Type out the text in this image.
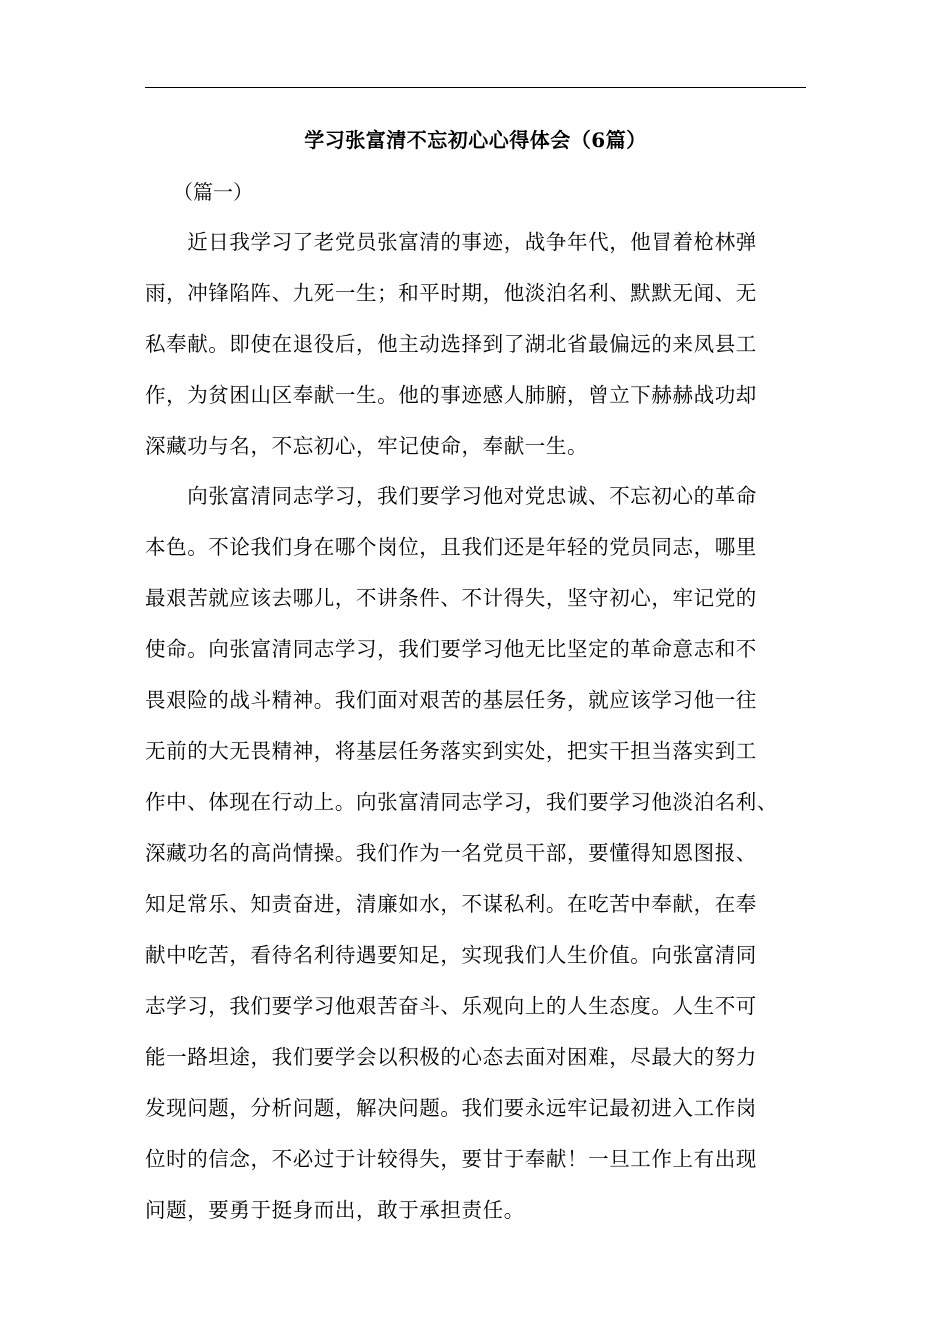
学习张富清不忘初心心得体会（6篇）
（篇一）
　　近日我学习了老党员张富清的事迹，战争年代，他冒着枪林弹
雨，冲锋陷阵、九死一生；和平时期，他淡泊名利、默默无闻、无
私奉献。即使在退役后，他主动选择到了湖北省最偏远的来凤县工
作，为贫困山区奉献一生。他的事迹感人肺腑，曾立下赫赫战功却
深藏功与名，不忘初心，牢记使命，奉献一生。
　　向张富清同志学习，我们要学习他对党忠诚、不忘初心的革命
本色。不论我们身在哪个岗位，且我们还是年轻的党员同志，哪里
最艰苦就应该去哪儿，不讲条件、不计得失，坚守初心，牢记党的
使命。向张富清同志学习，我们要学习他无比坚定的革命意志和不
畏艰险的战斗精神。我们面对艰苦的基层任务，就应该学习他一往
无前的大无畏精神，将基层任务落实到实处，把实干担当落实到工
作中、体现在行动上。向张富清同志学习，我们要学习他淡泊名利、
深藏功名的高尚情操。我们作为一名党员干部，要懂得知恩图报、
知足常乐、知责奋进，清廉如水，不谋私利。在吃苦中奉献，在奉
献中吃苦，看待名利待遇要知足，实现我们人生价值。向张富清同
志学习，我们要学习他艰苦奋斗、乐观向上的人生态度。人生不可
能一路坦途，我们要学会以积极的心态去面对困难，尽最大的努力
发现问题，分析问题，解决问题。我们要永远牢记最初进入工作岗
位时的信念，不必过于计较得失，要甘于奉献！一旦工作上有出现
问题，要勇于挺身而出，敢于承担责任。
